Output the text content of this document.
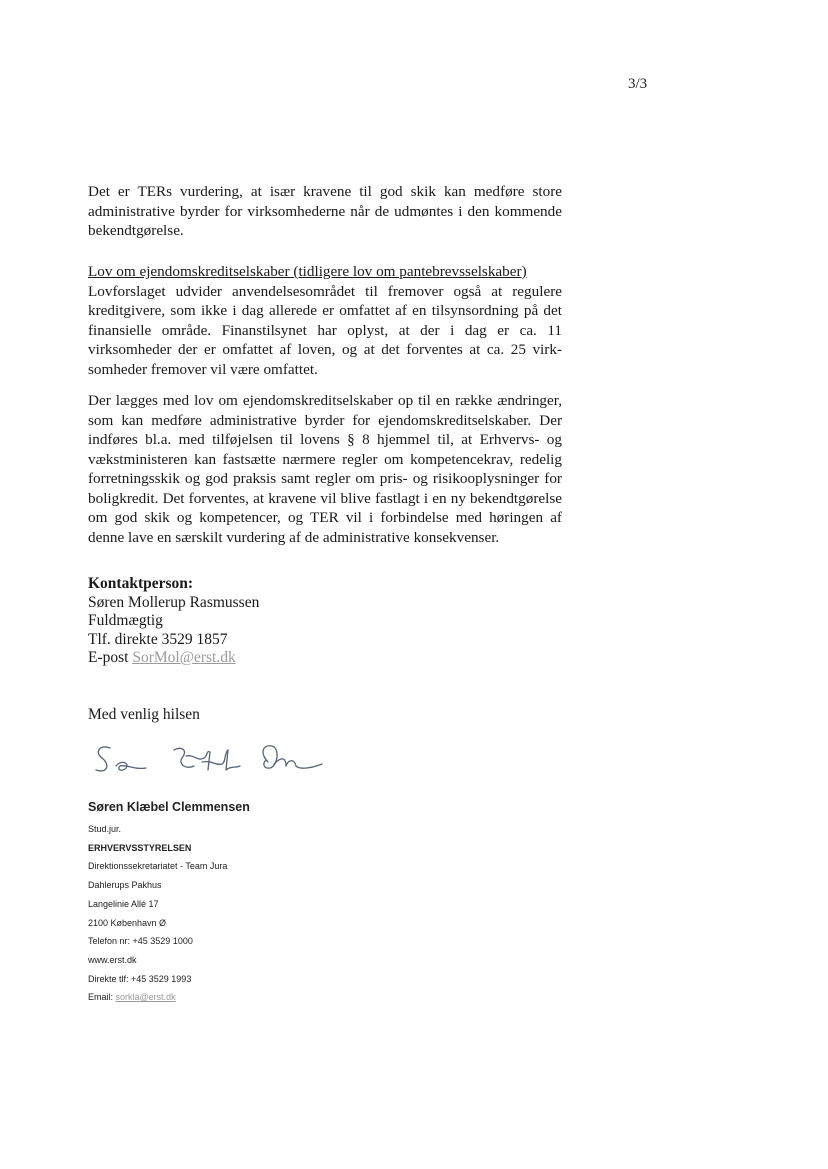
3/3

Det er TERs vurdering, at især kravene til god skik kan medføre store administrative byrder for virksomhederne når de udmøntes i den kommende bekendtgørelse.

Lov om ejendomskreditselskaber (tidligere lov om pantebrevsselskaber)

Lovforslaget udvider anvendelsesområdet til fremover også at regulere kreditgivere, som ikke i dag allerede er omfattet af en tilsynsordning på det finansielle område. Finanstilsynet har oplyst, at der i dag er ca. 11 virksomheder der er omfattet af loven, og at det forventes at ca. 25 virksomheder fremover vil være omfattet.

Der lægges med lov om ejendomskreditselskaber op til en række ændringer, som kan medføre administrative byrder for ejendomskreditselskaber. Der indføres bl.a. med tilføjelsen til lovens § 8 hjemmel til, at Erhvervs- og vækstministeren kan fastsætte nærmere regler om kompetencekrav, redelig forretningsskik og god praksis samt regler om pris- og risikooplysninger for boligkredit. Det forventes, at kravene vil blive fastlagt i en ny bekendtgørelse om god skik og kompetencer, og TER vil i forbindelse med høringen af denne lave en særskilt vurdering af de administrative konsekvenser.

Kontaktperson:
Søren Mollerup Rasmussen
Fuldmægtig
Tlf. direkte 3529 1857
E-post SorMol@erst.dk
Med venlig hilsen
Søren Klæbel Clemmensen
Stud.jur.
ERHVERVSSTYRELSEN
Direktionssekretariatet - Team Jura
Dahlerups Pakhus
Langelinie Allé 17
2100 København Ø
Telefon nr: +45 3529 1000
www.erst.dk
Direkte tlf: +45 3529 1993
Email: sorkla@erst.dk
